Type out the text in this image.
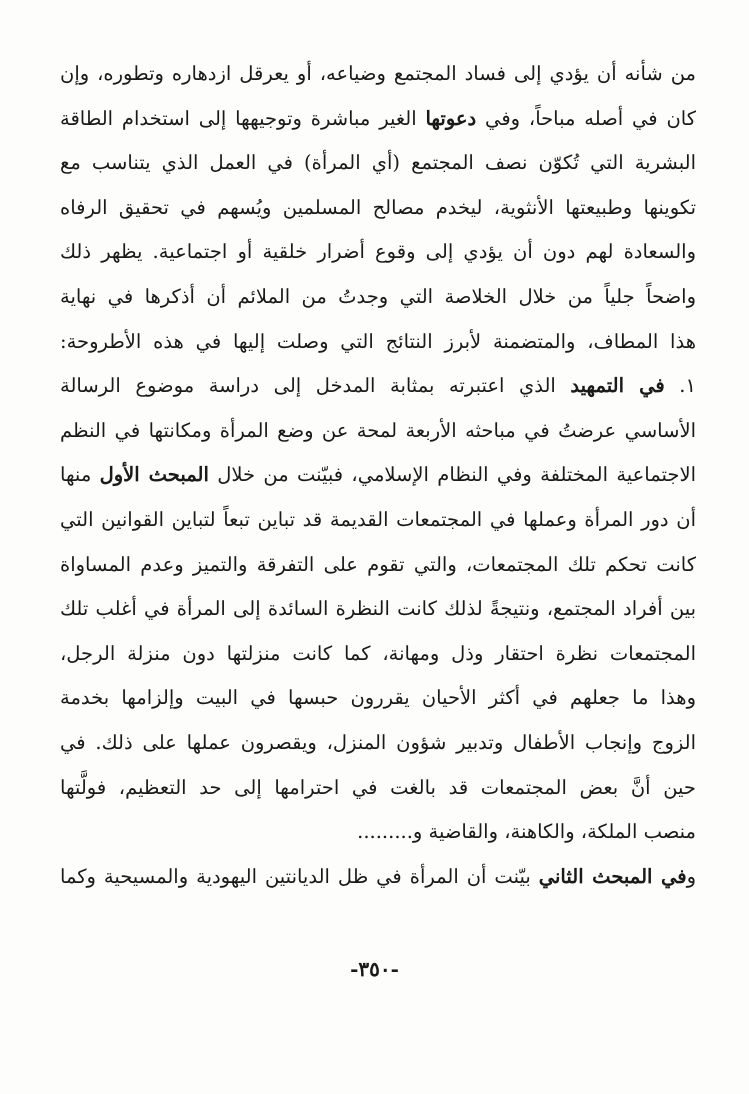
من شأنه أن يؤدي إلى فساد المجتمع وضياعه، أو يعرقل ازدهاره وتطوره، وإن
كان في أصله مباحاً، وفي دعوتها الغير مباشرة وتوجيهها إلى استخدام الطاقة
البشرية التي تُكوّن نصف المجتمع (أي المرأة) في العمل الذي يتناسب مع
تكوينها وطبيعتها الأنثوية، ليخدم مصالح المسلمين ويُسهم في تحقيق الرفاه
والسعادة لهم دون أن يؤدي إلى وقوع أضرار خلقية أو اجتماعية. يظهر ذلك
واضحاً جلياً من خلال الخلاصة التي وجدتُ من الملائم أن أذكرها في نهاية
هذا المطاف، والمتضمنة لأبرز النتائج التي وصلت إليها في هذه الأطروحة:
١. في التمهيد الذي اعتبرته بمثابة المدخل إلى دراسة موضوع الرسالة
الأساسي عرضتُ في مباحثه الأربعة لمحة عن وضع المرأة ومكانتها في النظم
الاجتماعية المختلفة وفي النظام الإسلامي، فبيّنت من خلال المبحث الأول منها
أن دور المرأة وعملها في المجتمعات القديمة قد تباين تبعاً لتباين القوانين التي
كانت تحكم تلك المجتمعات، والتي تقوم على التفرقة والتميز وعدم المساواة
بين أفراد المجتمع، ونتيجةً لذلك كانت النظرة السائدة إلى المرأة في أغلب تلك
المجتمعات نظرة احتقار وذل ومهانة، كما كانت منزلتها دون منزلة الرجل،
وهذا ما جعلهم في أكثر الأحيان يقررون حبسها في البيت وإلزامها بخدمة
الزوج وإنجاب الأطفال وتدبير شؤون المنزل، ويقصرون عملها على ذلك. في
حين أنَّ بعض المجتمعات قد بالغت في احترامها إلى حد التعظيم، فولَّتها
منصب الملكة، والكاهنة، والقاضية و.........
وفي المبحث الثاني بيّنت أن المرأة في ظل الديانتين اليهودية والمسيحية وكما
-٣٥٠-
